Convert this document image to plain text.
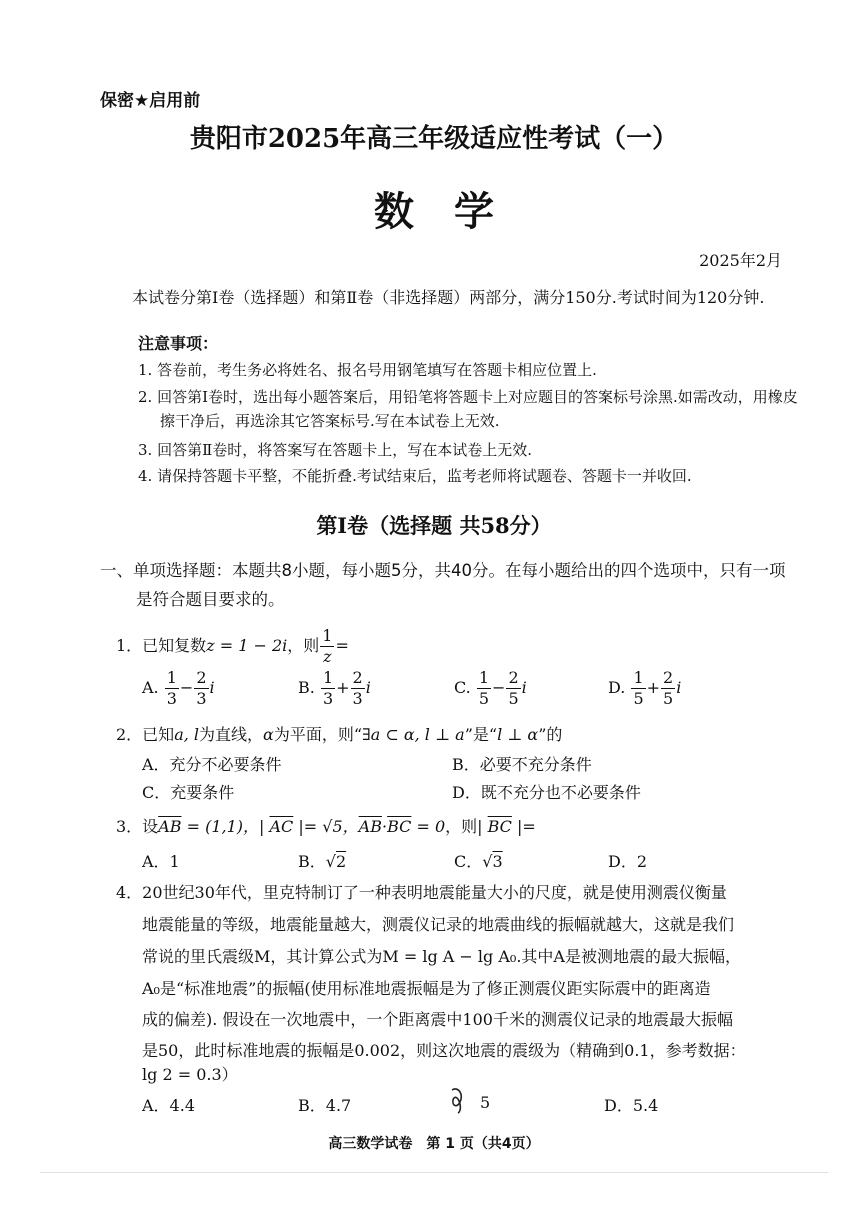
保密★启用前
贵阳市2025年高三年级适应性考试（一）
数学
2025年2月
本试卷分第Ⅰ卷（选择题）和第Ⅱ卷（非选择题）两部分，满分150分.考试时间为120分钟.
注意事项：
1. 答卷前，考生务必将姓名、报名号用钢笔填写在答题卡相应位置上.
2. 回答第Ⅰ卷时，选出每小题答案后，用铅笔将答题卡上对应题目的答案标号涂黑.如需改动，用橡皮擦干净后，再选涂其它答案标号.写在本试卷上无效.
3. 回答第Ⅱ卷时，将答案写在答题卡上，写在本试卷上无效.
4. 请保持答题卡平整，不能折叠.考试结束后，监考老师将试题卷、答题卡一并收回.
第Ⅰ卷（选择题 共58分）
一、单项选择题：本题共8小题，每小题5分，共40分。在每小题给出的四个选项中，只有一项是符合题目要求的。
1．已知复数z = 1 − 2i，则 $\frac{1}{z}$ =
A. $\frac{1}{3} - \frac{2}{3}$ i	B. $\frac{1}{3} + \frac{2}{3}$ i	C. $\frac{1}{5} - \frac{2}{5}$ i	D. $\frac{1}{5} + \frac{2}{5}$ i
2．已知a, l为直线，α为平面，则“∃a ⊂ α, l ⊥ a”是“l ⊥ α”的
A．充分不必要条件	B．必要不充分条件
C．充要条件	D．既不充分也不必要条件
3．设$\overline{AB} = (1,1)$，| $\overline{AC}$ |= √5，$\overline{AB}\cdot\overline{BC} = 0$，则| $\overline{BC}$ |=
A．1	B．√2	C．√3	D．2
4．20世纪30年代，里克特制订了一种表明地震能量大小的尺度，就是使用测震仪衡量
地震能量的等级，地震能量越大，测震仪记录的地震曲线的振幅就越大，这就是我们
常说的里氏震级M，其计算公式为M = lg A − lg A₀.其中A是被测地震的最大振幅，
A₀是“标准地震”的振幅(使用标准地震振幅是为了修正测震仪距实际震中的距离造
成的偏差). 假设在一次地震中，一个距离震中100千米的测震仪记录的地震最大振幅
是50，此时标准地震的振幅是0.002，则这次地震的震级为（精确到0.1，参考数据：
lg 2 = 0.3）
A．4.4	B．4.7	5	D．5.4
高三数学试卷　第 1 页（共4页）
